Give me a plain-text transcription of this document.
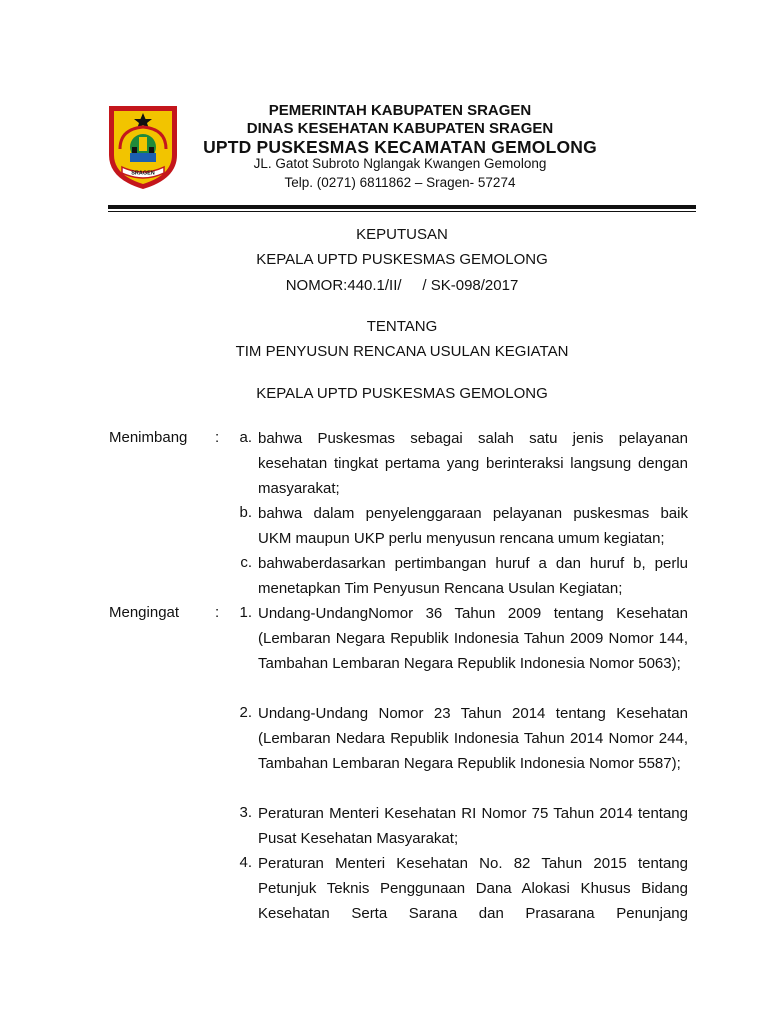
SRAGEN
PEMERINTAH KABUPATEN SRAGEN
DINAS KESEHATAN KABUPATEN SRAGEN
UPTD PUSKESMAS KECAMATAN GEMOLONG
JL. Gatot Subroto Nglangak Kwangen Gemolong
Telp. (0271) 6811862 – Sragen- 57274
KEPUTUSAN
KEPALA UPTD PUSKESMAS GEMOLONG
NOMOR:440.1/II/     / SK-098/2017
TENTANG
TIM PENYUSUN RENCANA USULAN KEGIATAN
KEPALA UPTD PUSKESMAS GEMOLONG
Menimbang :	a. bahwa Puskesmas sebagai salah satu jenis pelayanan kesehatan tingkat pertama yang berinteraksi langsung dengan masyarakat;
b. bahwa dalam penyelenggaraan pelayanan puskesmas baik UKM maupun UKP perlu menyusun rencana umum kegiatan;
c. bahwaberdasarkan pertimbangan huruf a dan huruf b, perlu menetapkan Tim Penyusun Rencana Usulan Kegiatan;
Mengingat :	1. Undang-UndangNomor 36 Tahun 2009 tentang Kesehatan (Lembaran Negara Republik Indonesia Tahun 2009 Nomor 144, Tambahan Lembaran Negara Republik Indonesia Nomor 5063);
2. Undang-Undang Nomor 23 Tahun 2014 tentang Kesehatan (Lembaran Nedara Republik Indonesia Tahun 2014 Nomor 244, Tambahan Lembaran Negara Republik Indonesia Nomor 5587);
3. Peraturan Menteri Kesehatan RI Nomor 75 Tahun 2014 tentang Pusat Kesehatan Masyarakat;
4. Peraturan Menteri Kesehatan No. 82 Tahun 2015 tentang Petunjuk Teknis Penggunaan Dana Alokasi Khusus Bidang Kesehatan Serta Sarana dan Prasarana Penunjang
